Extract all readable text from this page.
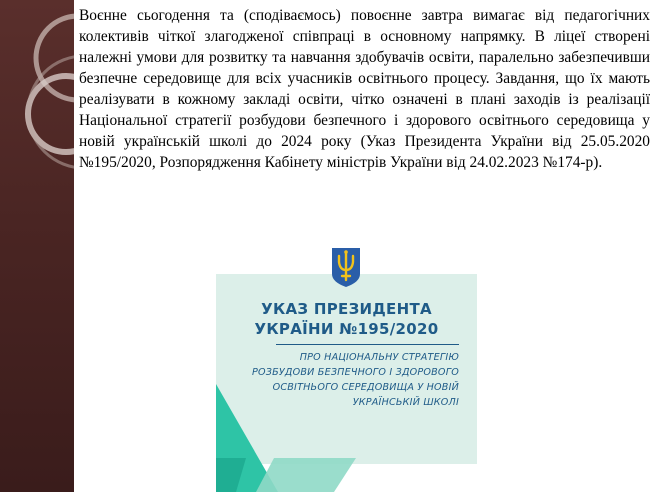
Воєнне сьогодення та (сподіваємось) повоєнне завтра вимагає від педагогічних колективів чіткої злагодженої співпраці в основному напрямку. В ліцеї створені належні умови для розвитку та навчання здобувачів освіти, паралельно забезпечивши безпечне середовище для всіх учасників освітнього процесу. Завдання, що їх мають реалізувати в кожному закладі освіти, чітко означені в плані заходів із реалізації Національної стратегії розбудови безпечного і здорового освітнього середовища у новій українській школі до 2024 року (Указ Президента України від 25.05.2020 №195/2020, Розпорядження Кабінету міністрів України від 24.02.2023 №174-р).

УКАЗ ПРЕЗИДЕНТА
УКРАЇНИ №195/2020
ПРО НАЦІОНАЛЬНУ СТРАТЕГІЮ
РОЗБУДОВИ БЕЗПЕЧНОГО І ЗДОРОВОГО
ОСВІТНЬОГО СЕРЕДОВИЩА У НОВІЙ
УКРАЇНСЬКІЙ ШКОЛІ
